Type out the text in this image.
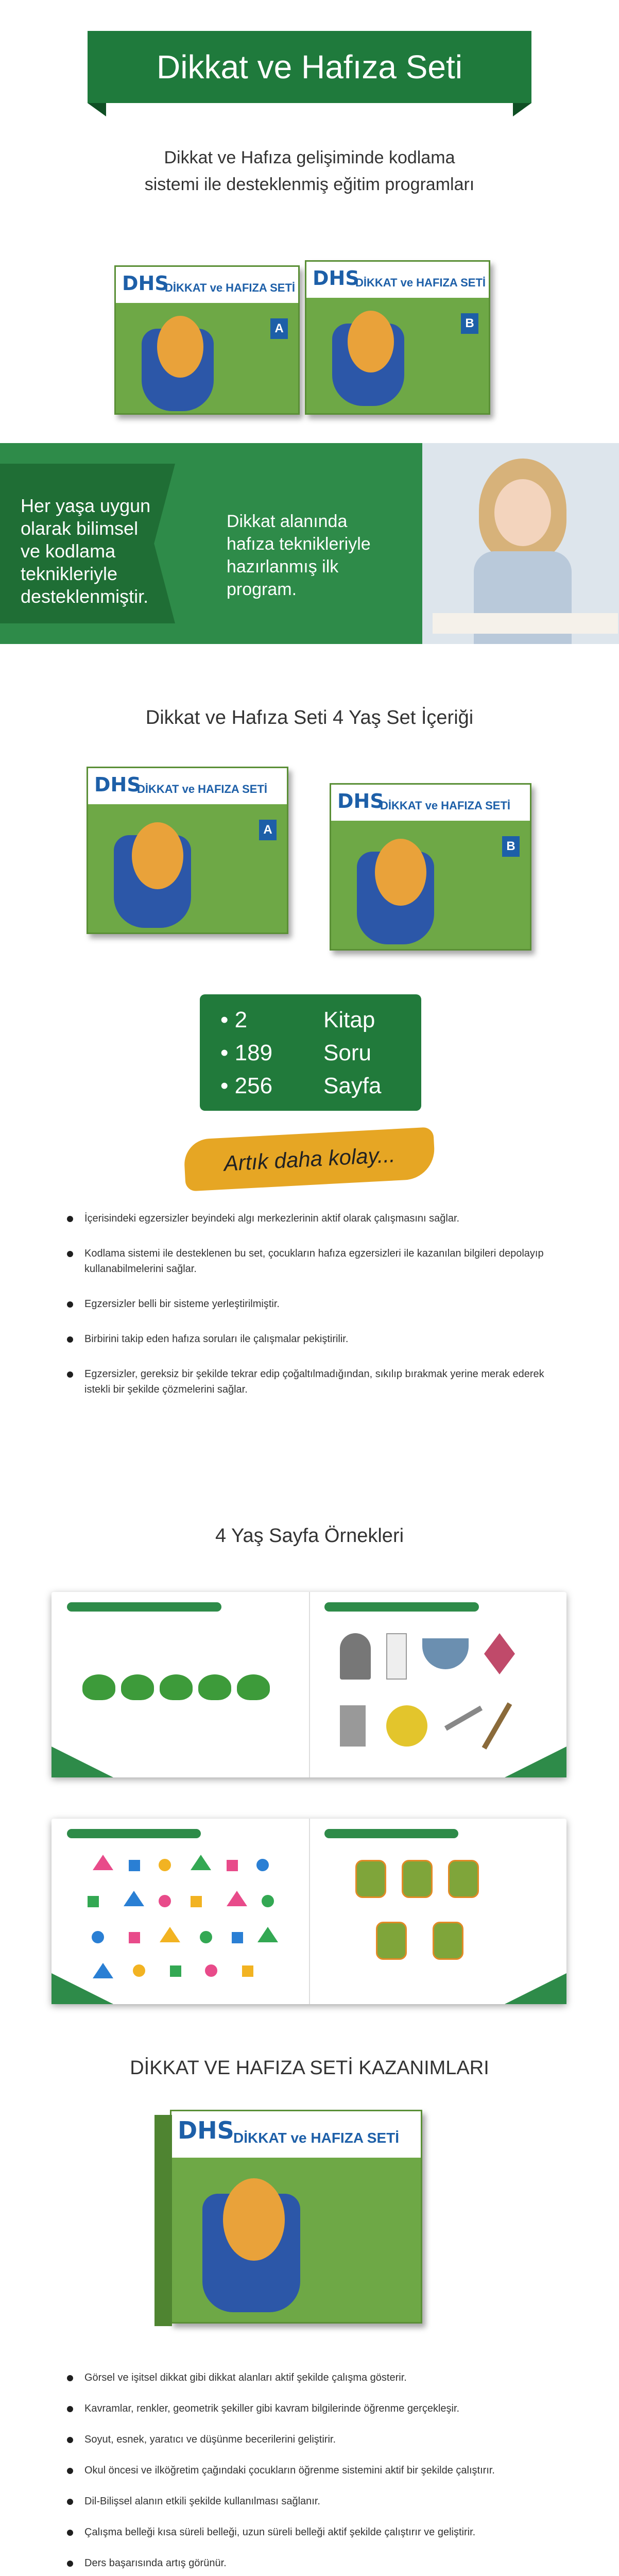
Dikkat ve Hafıza Seti
Dikkat ve Hafıza gelişiminde kodlama
sistemi ile desteklenmiş eğitim programları
DHS
DİKKAT ve HAFIZA SETİ
A
DHS
DİKKAT ve HAFIZA SETİ
B
Her yaşa uygun
olarak bilimsel
ve kodlama
teknikleriyle
desteklenmiştir.
Dikkat alanında
hafıza teknikleriyle
hazırlanmış ilk
program.
Dikkat ve Hafıza Seti 4 Yaş Set İçeriği
DHS
DİKKAT ve HAFIZA SETİ
A
DHS
DİKKAT ve HAFIZA SETİ
B
• 2	Kitap
• 189	Soru
• 256	Sayfa
Artık daha kolay...
İçerisindeki egzersizler beyindeki algı merkezlerinin aktif olarak çalışmasını sağlar.
Kodlama sistemi ile desteklenen bu set, çocukların hafıza egzersizleri ile kazanılan bilgileri depolayıp kullanabilmelerini sağlar.
Egzersizler belli bir sisteme yerleştirilmiştir.
Birbirini takip eden hafıza soruları ile çalışmalar pekiştirilir.
Egzersizler, gereksiz bir şekilde tekrar edip çoğaltılmadığından, sıkılıp bırakmak yerine merak ederek istekli bir şekilde çözmelerini sağlar.
4 Yaş Sayfa Örnekleri
DİKKAT VE HAFIZA SETİ KAZANIMLARI
DHS
DİKKAT ve HAFIZA SETİ
Görsel ve işitsel dikkat gibi dikkat alanları aktif şekilde çalışma gösterir.
Kavramlar, renkler, geometrik şekiller gibi kavram bilgilerinde öğrenme gerçekleşir.
Soyut, esnek, yaratıcı ve düşünme becerilerini geliştirir.
Okul öncesi ve ilköğretim çağındaki çocukların öğrenme sistemini aktif bir şekilde çalıştırır.
Dil-Bilişsel alanın etkili şekilde kullanılması sağlanır.
Çalışma belleği kısa süreli belleği, uzun süreli belleği aktif şekilde çalıştırır ve geliştirir.
Ders başarısında artış görünür.
